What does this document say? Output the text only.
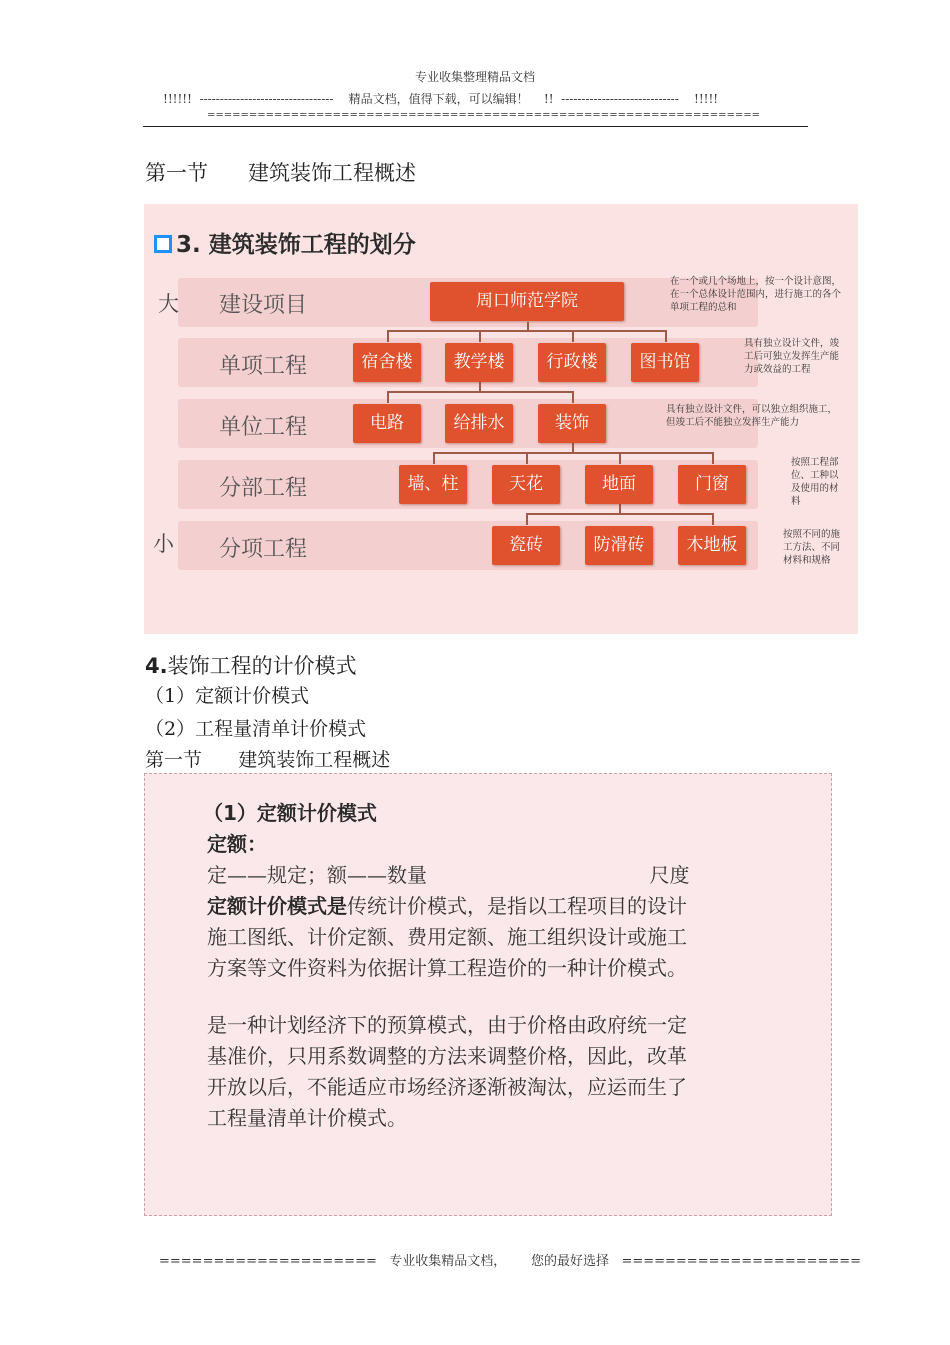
专业收集整理精品文档
!!!!!!  ---------------------------------    精品文档，值得下载，可以编辑！    !!  -----------------------------    !!!!!
==================================================================
第一节      建筑装饰工程概述
3. 建筑装饰工程的划分
大
小
建设项目
单项工程
单位工程
分部工程
分项工程
周口师范学院
宿舍楼	教学楼	行政楼	图书馆
电路	给排水	装饰
墙、柱	天花	地面	门窗
瓷砖	防滑砖	木地板
在一个或几个场地上，按一个设计意图，在一个总体设计范围内，进行施工的各个单项工程的总和
具有独立设计文件，竣工后可独立发挥生产能力或效益的工程
具有独立设计文件，可以独立组织施工，但竣工后不能独立发挥生产能力
按照工程部位、工种以及使用的材料
按照不同的施工方法、不同材料和规格
4.装饰工程的计价模式
（1）定额计价模式
（2）工程量清单计价模式
第一节      建筑装饰工程概述
（1）定额计价模式
定额：
定——规定；额——数量                                   尺度
定额计价模式是传统计价模式，是指以工程项目的设计
施工图纸、计价定额、费用定额、施工组织设计或施工
方案等文件资料为依据计算工程造价的一种计价模式。
是一种计划经济下的预算模式，由于价格由政府统一定
基准价，只用系数调整的方法来调整价格，因此，改革
开放以后，不能适应市场经济逐渐被淘汰，应运而生了
工程量清单计价模式。
====================   专业收集精品文档，      您的最好选择   ======================
